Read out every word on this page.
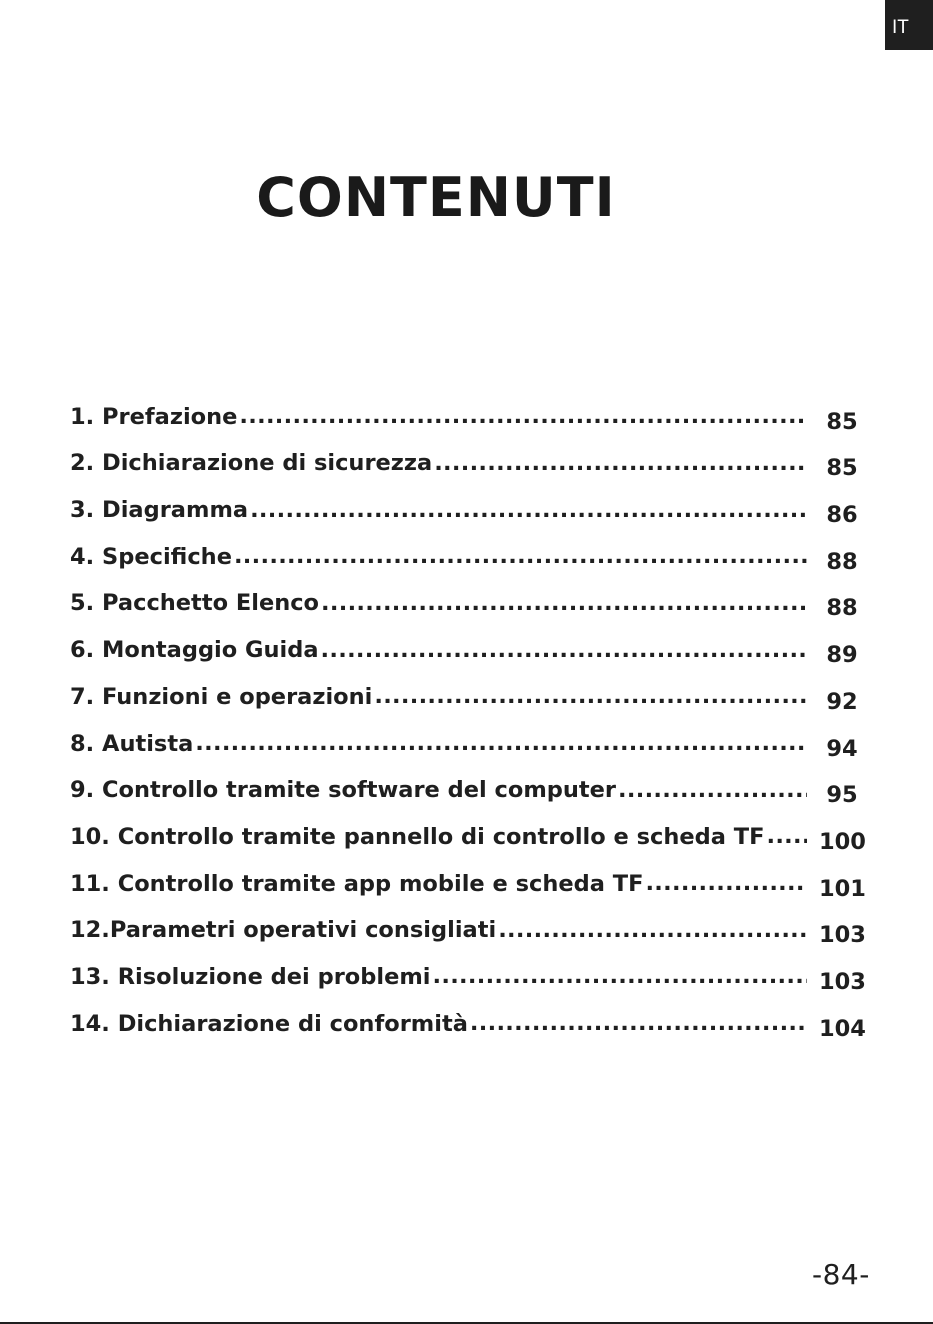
IT
CONTENUTI
1. Prefazione .....	85
2. Dichiarazione di sicurezza .....	85
3. Diagramma .....	86
4. Specifiche .....	88
5. Pacchetto Elenco .....	88
6. Montaggio Guida .....	89
7. Funzioni e operazioni .....	92
8. Autista .....	94
9. Controllo tramite software del computer .....	95
10. Controllo tramite pannello di controllo e scheda TF ..... 100
11. Controllo tramite app mobile e scheda TF .....	101
12.Parametri operativi consigliati .....	103
13. Risoluzione dei problemi .....	103
14. Dichiarazione di conformità .....	104
-84-
